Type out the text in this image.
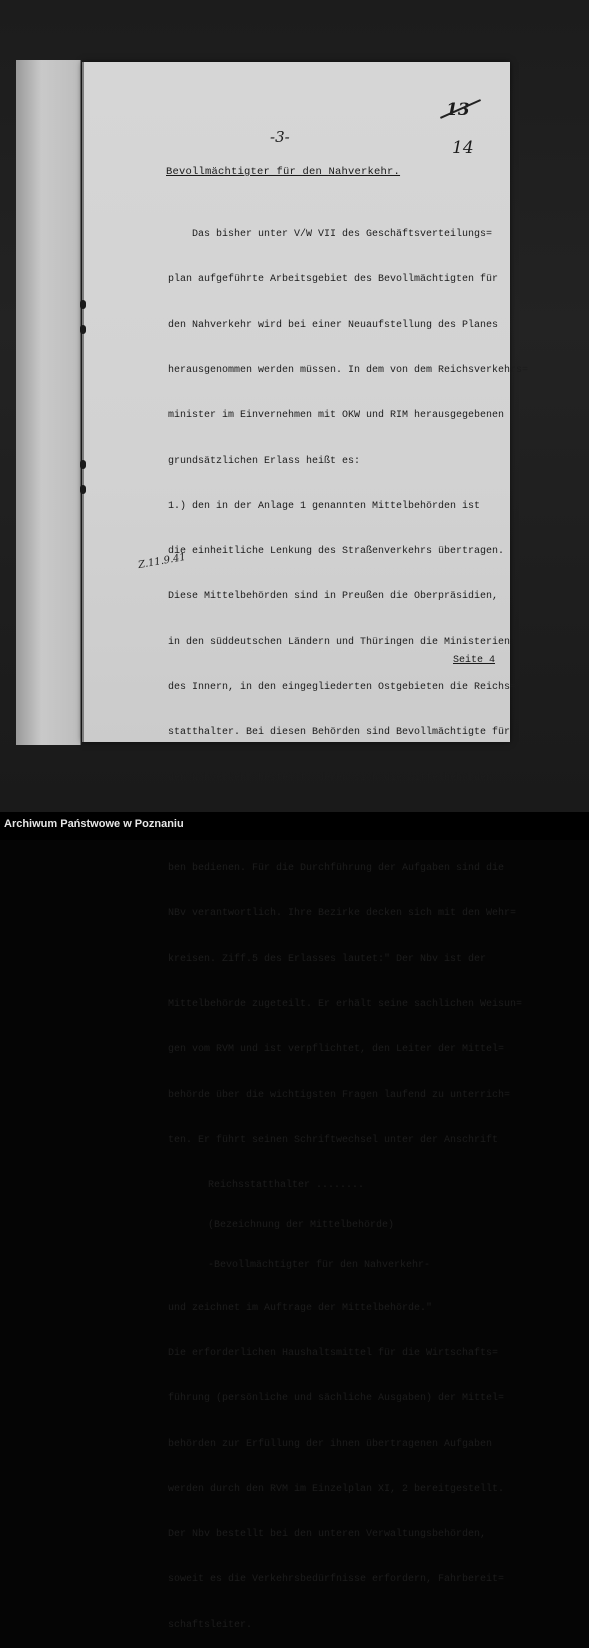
-3-
13
14
Bevollmächtigter für den Nahverkehr.

Das bisher unter V/W VII des Geschäftsverteilungs=

plan aufgeführte Arbeitsgebiet des Bevollmächtigten für

den Nahverkehr wird bei einer Neuaufstellung des Planes

herausgenommen werden müssen. In dem von dem Reichsverkehrs=

minister im Einvernehmen mit OKW und RIM herausgegebenen

grundsätzlichen Erlass heißt es:

1.) den in der Anlage 1 genannten Mittelbehörden ist

die einheitliche Lenkung des Straßenverkehrs übertragen.

Diese Mittelbehörden sind in Preußen die Oberpräsidien,

in den süddeutschen Ländern und Thüringen die Ministerien

des Innern, in den eingegliederten Ostgebieten die Reichs=

statthalter. Bei diesen Behörden sind Bevollmächtigte für

den Nahverkehr bestellt, deren sich die Mittelbehörden

ben bedienen. Für die Durchführung der Aufgaben sind die

NBv verantwortlich. Ihre Bezirke decken sich mit den Wehr=

kreisen. Ziff.5 des Erlasses lautet:" Der Nbv ist der

Mittelbehörde zugeteilt. Er erhält seine sachlichen Weisun=

gen vom RVM und ist verpflichtet, den Leiter der Mittel=

behörde über die wichtigsten Fragen laufend zu unterrich=

ten. Er führt seinen Schriftwechsel unter der Anschrift

Reichsstatthalter ........

(Bezeichnung der Mittelbehörde)

-Bevollmächtigter für den Nahverkehr-

und zeichnet im Auftrage der Mittelbehörde."

Die erforderlichen Haushaltsmittel für die Wirtschafts=

führung (persönliche und sächliche Ausgaben) der Mittel=

behörden zur Erfüllung der ihnen übertragenen Aufgaben

werden durch den RVM im Einzelplan XI, 2 bereitgestellt.

Der Nbv bestellt bei den unteren Verwaltungsbehörden,

soweit es die Verkehrsbedürfnisse erfordern, Fahrbereit=

schaftsleiter.

Z.11.9.41
Seite 4
Archiwum Państwowe w Poznaniu
